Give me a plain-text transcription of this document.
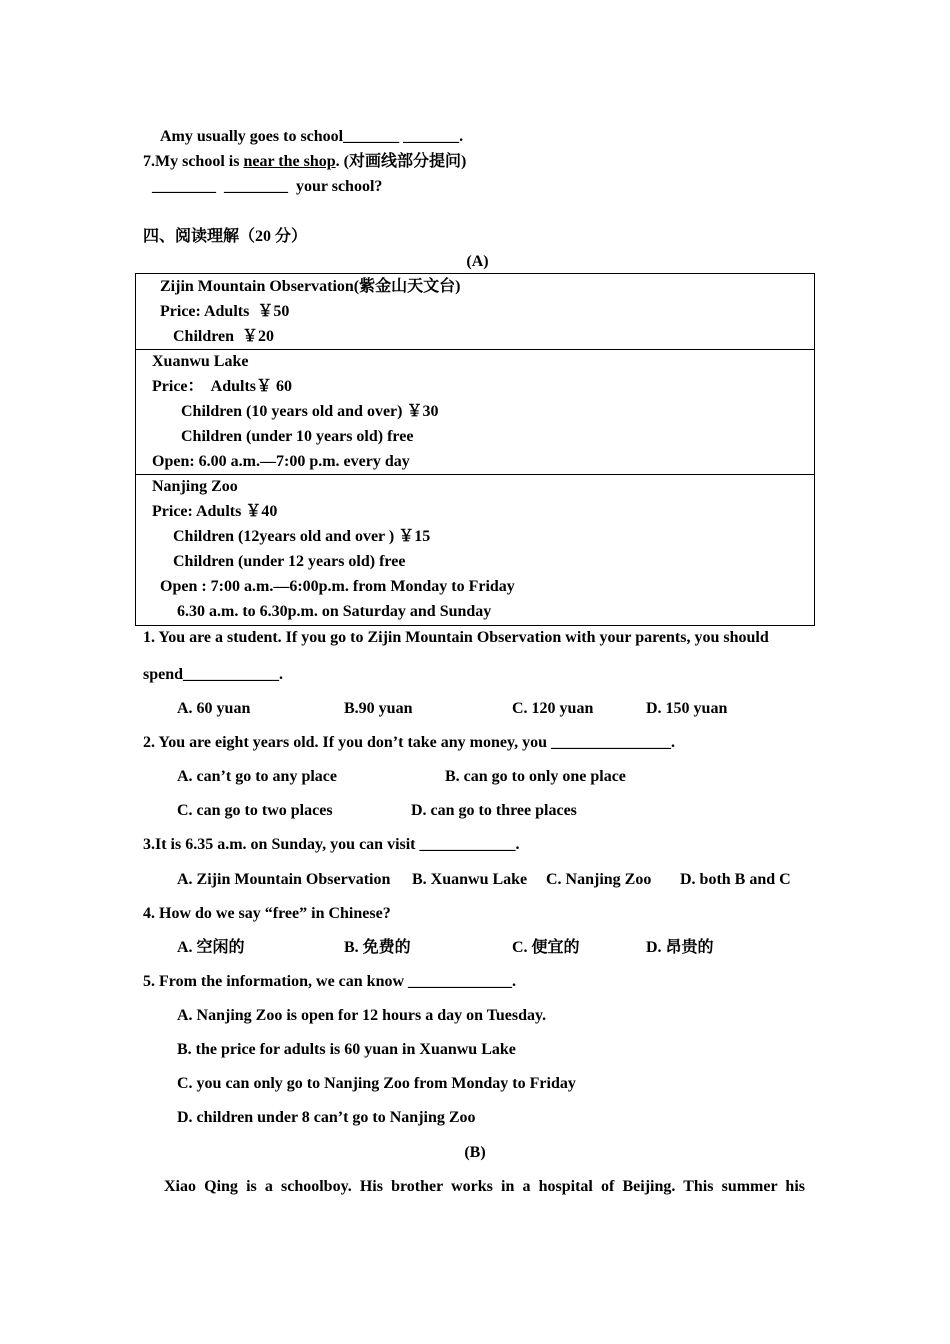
Amy usually goes to school_______ _______.
7.My school is near the shop. (对画线部分提问)
________  ________  your school?
四、阅读理解（20 分）
(A)
Zijin Mountain Observation(紫金山天文台)
Price: Adults  ￥50
Children  ￥20
Xuanwu Lake
Price：  Adults￥ 60
Children (10 years old and over) ￥30
Children (under 10 years old) free
Open: 6.00 a.m.—7:00 p.m. every day
Nanjing Zoo
Price: Adults ￥40
Children (12years old and over ) ￥15
Children (under 12 years old) free
Open : 7:00 a.m.—6:00p.m. from Monday to Friday
6.30 a.m. to 6.30p.m. on Saturday and Sunday
1. You are a student. If you go to Zijin Mountain Observation with your parents, you should
spend____________.
A. 60 yuan	B.90 yuan	C. 120 yuan	D. 150 yuan
2. You are eight years old. If you don’t take any money, you _______________.
A. can’t go to any place	B. can go to only one place
C. can go to two places	D. can go to three places
3.It is 6.35 a.m. on Sunday, you can visit ____________.
A. Zijin Mountain Observation B. Xuanwu Lake C. Nanjing Zoo D. both B and C
4. How do we say “free” in Chinese?
A. 空闲的	B. 免费的	C. 便宜的	D. 昂贵的
5. From the information, we can know _____________.
A. Nanjing Zoo is open for 12 hours a day on Tuesday.
B. the price for adults is 60 yuan in Xuanwu Lake
C. you can only go to Nanjing Zoo from Monday to Friday
D. children under 8 can’t go to Nanjing Zoo
(B)
Xiao Qing is a schoolboy. His brother works in a hospital of Beijing. This summer his
